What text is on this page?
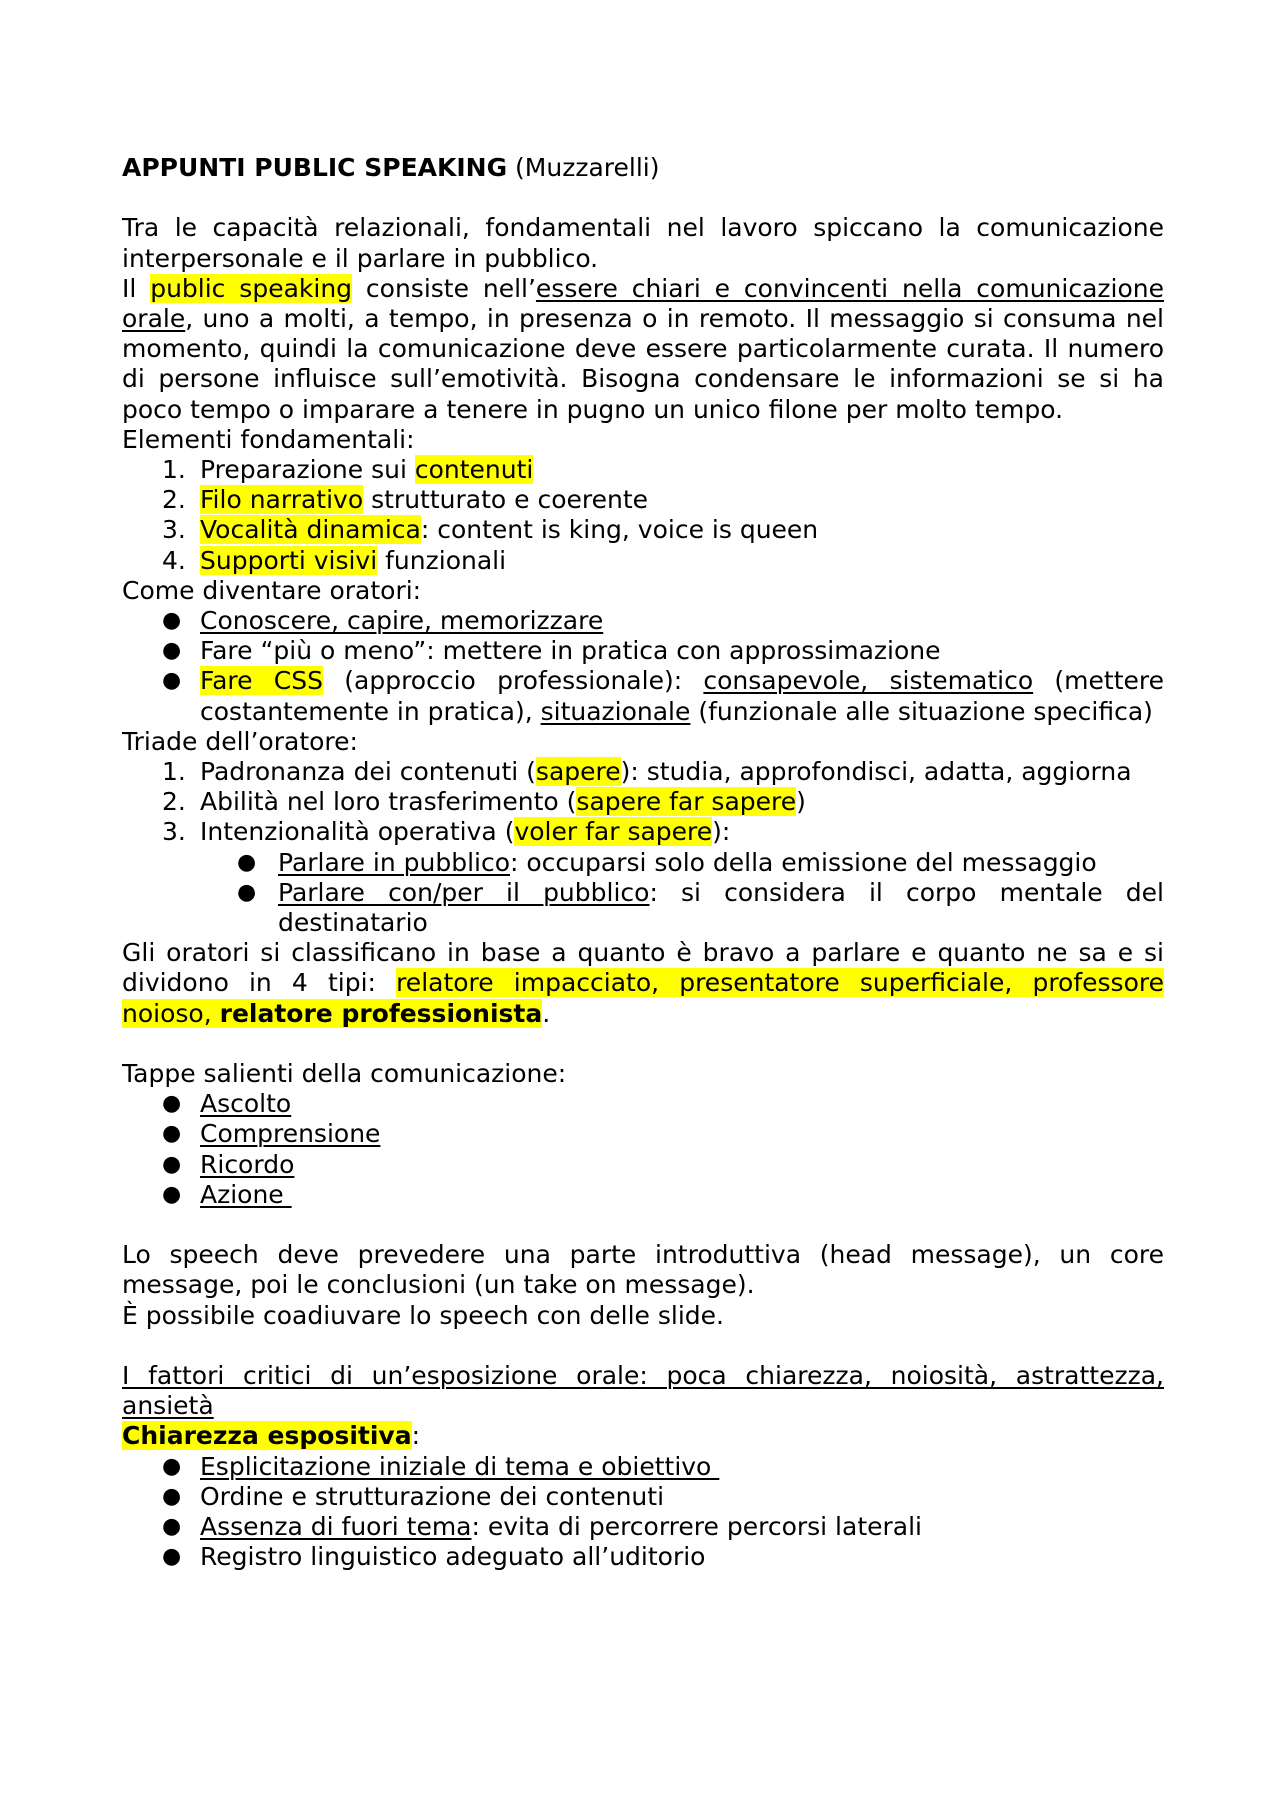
APPUNTI PUBLIC SPEAKING (Muzzarelli)

Tra le capacità relazionali, fondamentali nel lavoro spiccano la comunicazione interpersonale e il parlare in pubblico.

Il public speaking consiste nell’essere chiari e convincenti nella comunicazione orale, uno a molti, a tempo, in presenza o in remoto. Il messaggio si consuma nel momento, quindi la comunicazione deve essere particolarmente curata. Il numero di persone influisce sull’emotività. Bisogna condensare le informazioni se si ha poco tempo o imparare a tenere in pugno un unico filone per molto tempo.

Elementi fondamentali:

1. Preparazione sui contenuti
2. Filo narrativo strutturato e coerente
3. Vocalità dinamica: content is king, voice is queen
4. Supporti visivi funzionali

Come diventare oratori:

● Conoscere, capire, memorizzare
● Fare “più o meno”: mettere in pratica con approssimazione
● Fare CSS (approccio professionale): consapevole, sistematico (mettere costantemente in pratica), situazionale (funzionale alle situazione specifica)

Triade dell’oratore:

1. Padronanza dei contenuti (sapere): studia, approfondisci, adatta, aggiorna
2. Abilità nel loro trasferimento (sapere far sapere)
3. Intenzionalità operativa (voler far sapere):
● Parlare in pubblico: occuparsi solo della emissione del messaggio
● Parlare con/per il pubblico: si considera il corpo mentale del destinatario

Gli oratori si classificano in base a quanto è bravo a parlare e quanto ne sa e si dividono in 4 tipi: relatore impacciato, presentatore superficiale, professore noioso, relatore professionista.

Tappe salienti della comunicazione:

● Ascolto
● Comprensione
● Ricordo
● Azione

Lo speech deve prevedere una parte introduttiva (head message), un core message, poi le conclusioni (un take on message).

È possibile coadiuvare lo speech con delle slide.

I fattori critici di un’esposizione orale: poca chiarezza, noiosità, astrattezza, ansietà

Chiarezza espositiva:

● Esplicitazione iniziale di tema e obiettivo
● Ordine e strutturazione dei contenuti
● Assenza di fuori tema: evita di percorrere percorsi laterali
● Registro linguistico adeguato all’uditorio
